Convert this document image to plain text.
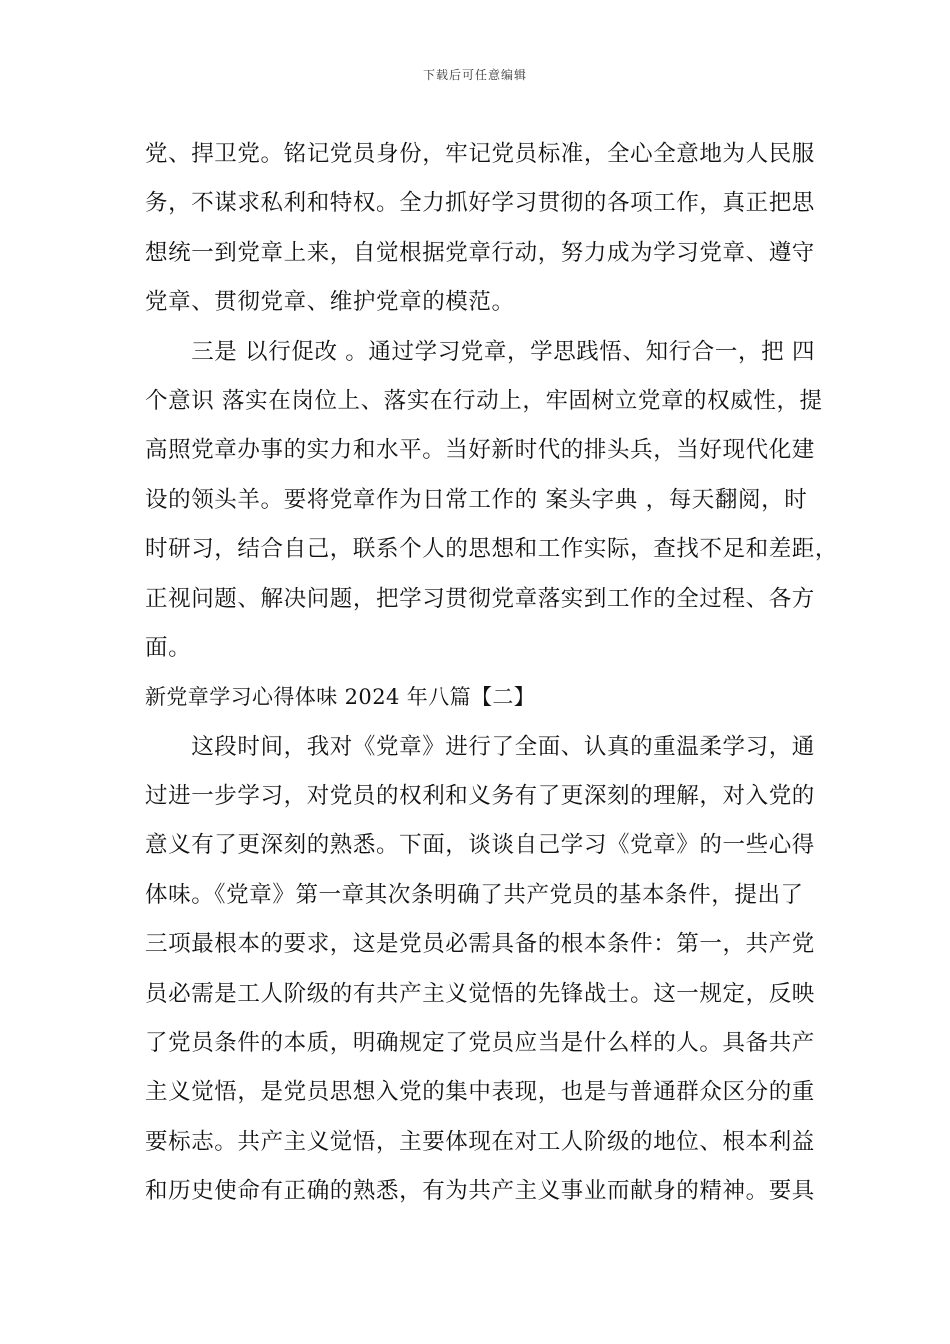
下载后可任意编辑
党、捍卫党。铭记党员身份，牢记党员标准，全心全意地为人民服
务，不谋求私利和特权。全力抓好学习贯彻的各项工作，真正把思
想统一到党章上来，自觉根据党章行动，努力成为学习党章、遵守
党章、贯彻党章、维护党章的模范。
　　三是 以行促改 。通过学习党章，学思践悟、知行合一，把 四
个意识 落实在岗位上、落实在行动上，牢固树立党章的权威性，提
高照党章办事的实力和水平。当好新时代的排头兵，当好现代化建
设的领头羊。要将党章作为日常工作的 案头字典 ，每天翻阅，时
时研习，结合自己，联系个人的思想和工作实际，查找不足和差距，
正视问题、解决问题，把学习贯彻党章落实到工作的全过程、各方
面。
新党章学习心得体味 2024 年八篇【二】
　　这段时间，我对《党章》进行了全面、认真的重温柔学习，通
过进一步学习，对党员的权利和义务有了更深刻的理解，对入党的
意义有了更深刻的熟悉。下面，谈谈自己学习《党章》的一些心得
体味。《党章》第一章其次条明确了共产党员的基本条件，提出了
三项最根本的要求，这是党员必需具备的根本条件：第一，共产党
员必需是工人阶级的有共产主义觉悟的先锋战士。这一规定，反映
了党员条件的本质，明确规定了党员应当是什么样的人。具备共产
主义觉悟，是党员思想入党的集中表现，也是与普通群众区分的重
要标志。共产主义觉悟，主要体现在对工人阶级的地位、根本利益
和历史使命有正确的熟悉，有为共产主义事业而献身的精神。要具
